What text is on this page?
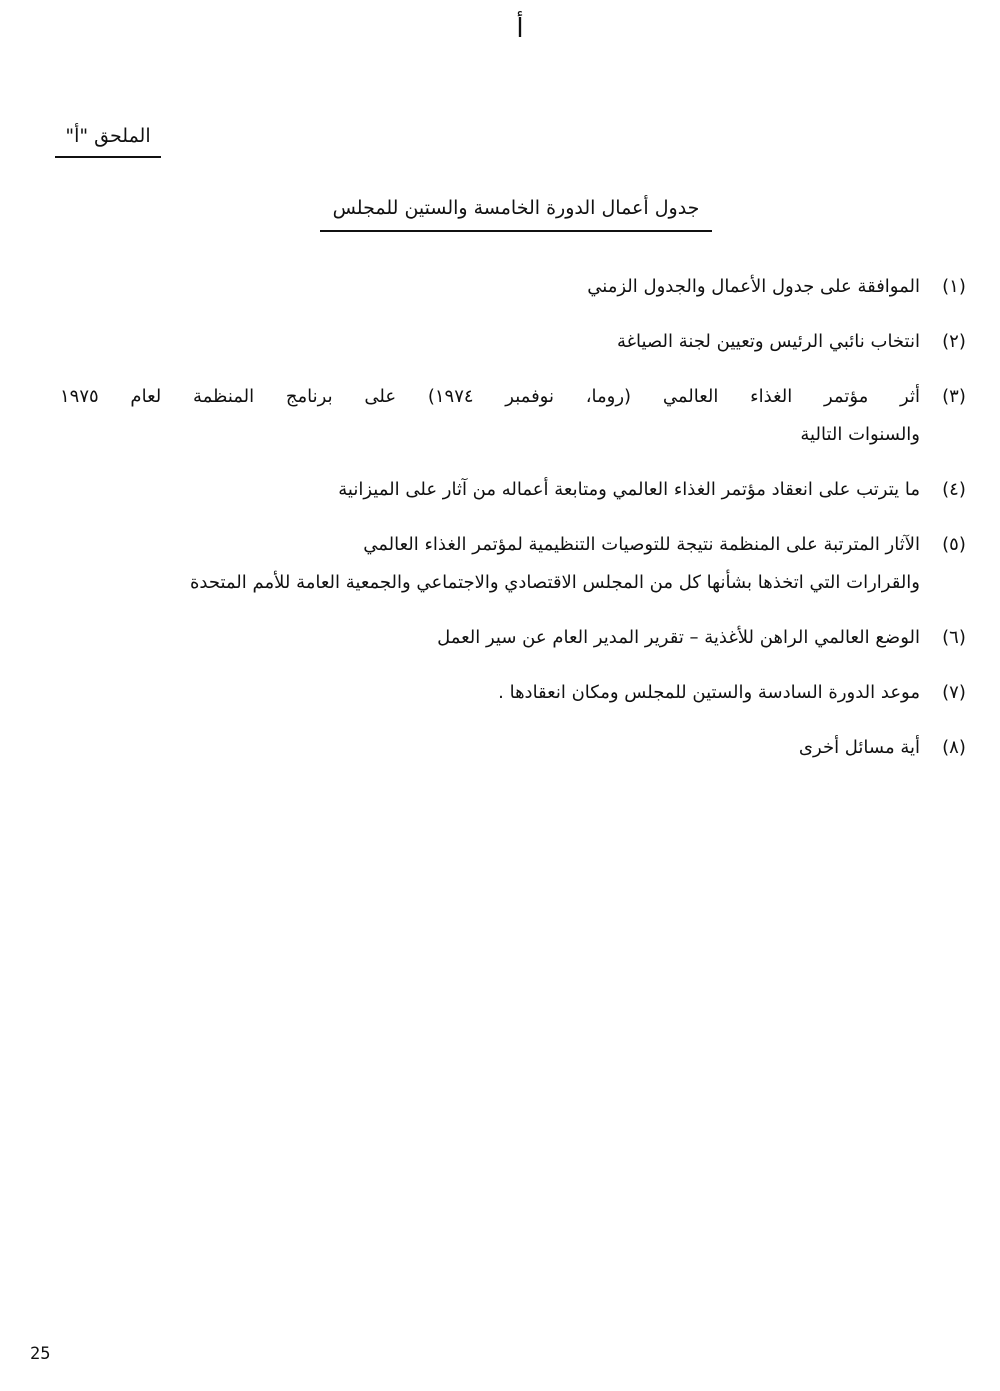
أ
الملحق "أ"
جدول أعمال الدورة الخامسة والستين للمجلس
(١)
الموافقة على جدول الأعمال والجدول الزمني
(٢)
انتخاب نائبي الرئيس وتعيين لجنة الصياغة
(٣)
أثر مؤتمر الغذاء العالمي (روما، نوفمبر ١٩٧٤) على برنامج المنظمة لعام ١٩٧٥
والسنوات التالية
(٤)
ما يترتب على انعقاد مؤتمر الغذاء العالمي ومتابعة أعماله من آثار على الميزانية
(٥)
الآثار المترتبة على المنظمة نتيجة للتوصيات التنظيمية لمؤتمر الغذاء العالمي
والقرارات التي اتخذها بشأنها كل من المجلس الاقتصادي والاجتماعي والجمعية العامة للأمم المتحدة
(٦)
الوضع العالمي الراهن للأغذية – تقرير المدير العام عن سير العمل
(٧)
موعد الدورة السادسة والستين للمجلس ومكان انعقادها .
(٨)
أية مسائل أخرى
25
